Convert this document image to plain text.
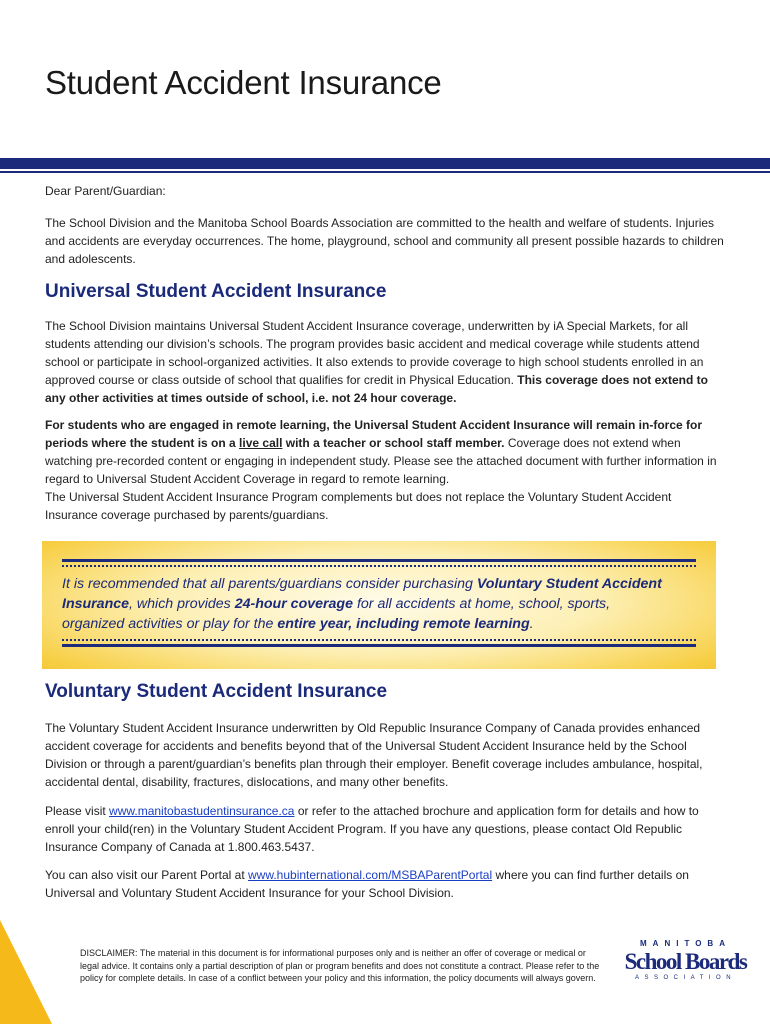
Student Accident Insurance

Dear Parent/Guardian:

The School Division and the Manitoba School Boards Association are committed to the health and welfare of students. Injuries and accidents are everyday occurrences. The home, playground, school and community all present possible hazards to children and adolescents.

Universal Student Accident Insurance

The School Division maintains Universal Student Accident Insurance coverage, underwritten by iA Special Markets, for all students attending our division’s schools. The program provides basic accident and medical coverage while students attend school or participate in school-organized activities. It also extends to provide coverage to high school students enrolled in an approved course or class outside of school that qualifies for credit in Physical Education. This coverage does not extend to any other activities at times outside of school, i.e. not 24 hour coverage.

For students who are engaged in remote learning, the Universal Student Accident Insurance will remain in-force for periods where the student is on a live call with a teacher or school staff member. Coverage does not extend when watching pre-recorded content or engaging in independent study. Please see the attached document with further information in regard to Universal Student Accident Coverage in regard to remote learning.

The Universal Student Accident Insurance Program complements but does not replace the Voluntary Student Accident Insurance coverage purchased by parents/guardians.

It is recommended that all parents/guardians consider purchasing Voluntary Student Accident Insurance, which provides 24-hour coverage for all accidents at home, school, sports, organized activities or play for the entire year, including remote learning.
Voluntary Student Accident Insurance

The Voluntary Student Accident Insurance underwritten by Old Republic Insurance Company of Canada provides enhanced accident coverage for accidents and benefits beyond that of the Universal Student Accident Insurance held by the School Division or through a parent/guardian’s benefits plan through their employer. Benefit coverage includes ambulance, hospital, accidental dental, disability, fractures, dislocations, and many other benefits.

Please visit www.manitobastudentinsurance.ca or refer to the attached brochure and application form for details and how to enroll your child(ren) in the Voluntary Student Accident Program. If you have any questions, please contact Old Republic Insurance Company of Canada at 1.800.463.5437.

You can also visit our Parent Portal at www.hubinternational.com/MSBAParentPortal where you can find further details on Universal and Voluntary Student Accident Insurance for your School Division.

DISCLAIMER: The material in this document is for informational purposes only and is neither an offer of coverage or medical or legal advice. It contains only a partial description of plan or program benefits and does not constitute a contract. Please refer to the policy for complete details. In case of a conflict between your policy and this information, the policy documents will always govern.
MANITOBA
School Boards
ASSOCIATION
